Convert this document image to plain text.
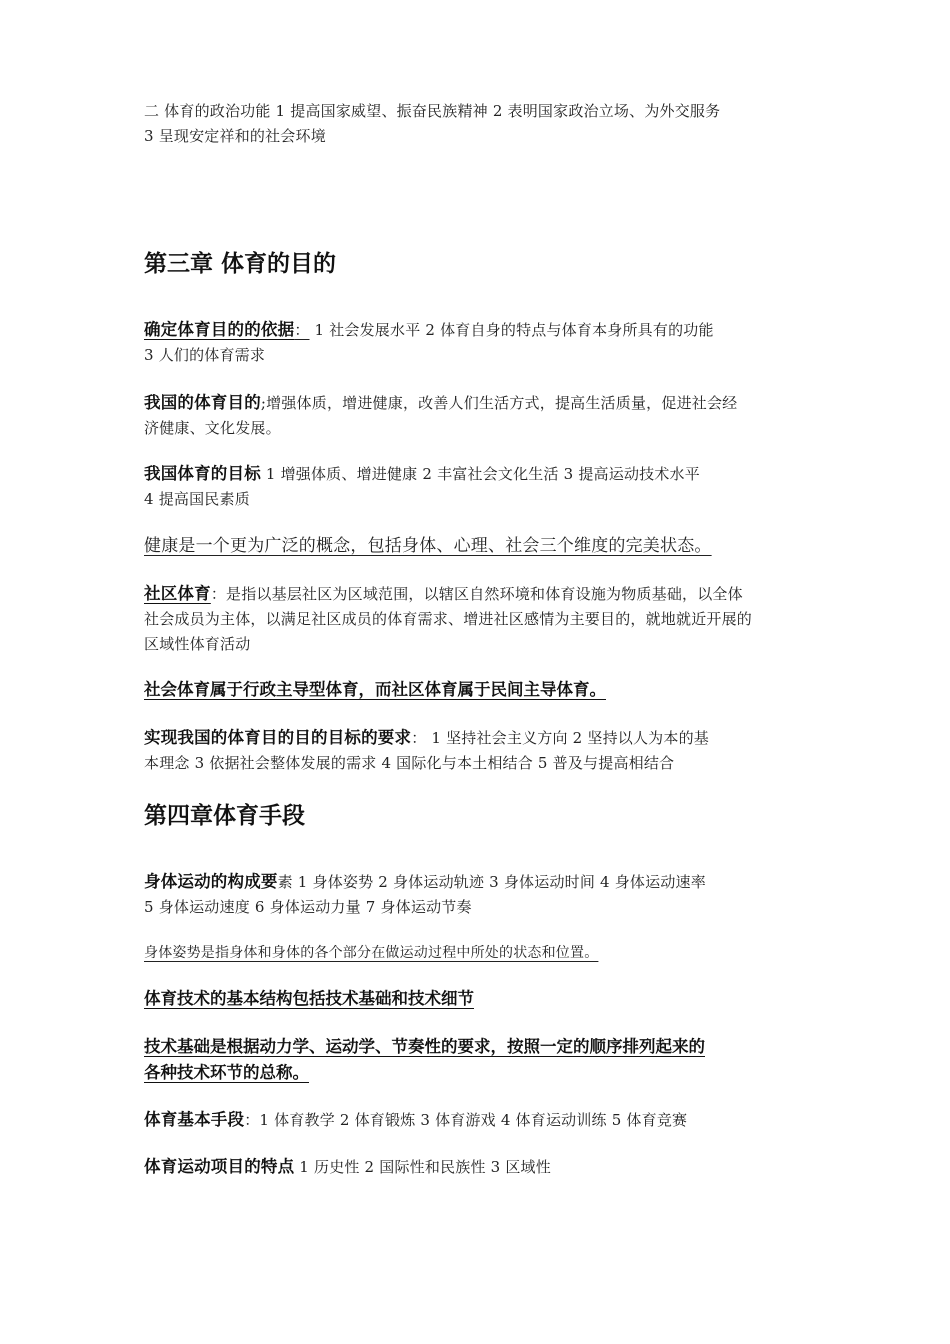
二 体育的政治功能 1 提高国家威望、振奋民族精神 2 表明国家政治立场、为外交服务
3 呈现安定祥和的社会环境
第三章 体育的目的
确定体育目的的依据： 1 社会发展水平 2 体育自身的特点与体育本身所具有的功能
3 人们的体育需求
我国的体育目的;增强体质，增进健康，改善人们生活方式，提高生活质量，促进社会经
济健康、文化发展。
我国体育的目标 1 增强体质、增进健康 2 丰富社会文化生活 3 提高运动技术水平
4 提高国民素质
健康是一个更为广泛的概念，包括身体、心理、社会三个维度的完美状态。
社区体育：是指以基层社区为区域范围，以辖区自然环境和体育设施为物质基础，以全体
社会成员为主体，以满足社区成员的体育需求、增进社区感情为主要目的，就地就近开展的
区域性体育活动
社会体育属于行政主导型体育，而社区体育属于民间主导体育。
实现我国的体育目的目的目标的要求： 1 坚持社会主义方向 2 坚持以人为本的基
本理念 3 依据社会整体发展的需求 4 国际化与本土相结合 5 普及与提高相结合
第四章体育手段
身体运动的构成要素 1 身体姿势 2 身体运动轨迹 3 身体运动时间 4 身体运动速率
5 身体运动速度 6 身体运动力量 7 身体运动节奏
身体姿势是指身体和身体的各个部分在做运动过程中所处的状态和位置。
体育技术的基本结构包括技术基础和技术细节
技术基础是根据动力学、运动学、节奏性的要求，按照一定的顺序排列起来的
各种技术环节的总称。
体育基本手段：1 体育教学 2 体育锻炼 3 体育游戏 4 体育运动训练 5 体育竞赛
体育运动项目的特点 1 历史性 2 国际性和民族性 3 区域性
